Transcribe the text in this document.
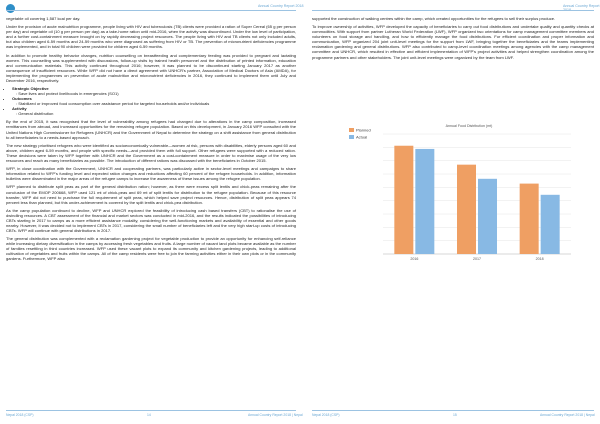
Annual Country Report 2018	Annual Country Report

vegetable oil covering 1,587 kcal per day.

Under the provision of acute malnutrition programme, people living with HIV and tuberculosis (TB) clients were provided a ration of Super Cereal (65 g per person per day) and vegetable oil (10 g per person per day) as a take-home ration until mid-2016, when the activity was discontinued. Under the low level of participation, and a further cost-containment measure brought on by rapidly decreasing project resources. The people living with HIV and TB clients not only included adults, but also children aged 6-59 months and 24-59 months who were diagnosed as suffering from HIV or TB. The prevention of micronutrient deficiencies programme was implemented, and in total 90 children were provided for children aged 6-59 months.

In addition to promote healthy behavior changes, nutrition counselling on breastfeeding and complementary feeding was provided to pregnant and lactating women. This counselling was supplemented with discussions, follow-up visits by trained health personnel and the distribution of printed information, education and communication materials. This activity continued throughout 2016; however, it was planned to be discontinued starting January 2017 as another consequence of insufficient resources. While WFP did not have a direct agreement with UNHCR's partner, Association of Medical Doctors of Asia (AMDA), for implementing the programmes on prevention of acute malnutrition and micronutrient deficiencies in 2016, they continued to implement them until July and December 2016, respectively.

• Strategic Objective
: Save lives and protect livelihoods in emergencies (SO1)
• Outcomes
: Stabilized or improved food consumption over assistance period for targeted households and/or individuals
• Activity
: General distribution

By the end of 2015, it was recognised that the level of vulnerability among refugees had changed due to alterations in the camp composition, increased remittances from abroad, and increased opportunities for the remaining refugee population. Based on this development, in January 2016 WFP consulted with the United Nations High Commissioner for Refugees (UNHCR) and the Government of Nepal to determine the strategy on a shift assistance from general distribution to all beneficiaries to a needs-based approach.

The new strategy prioritised refugees who were identified as socioeconomically vulnerable—women at risk, persons with disabilities, elderly persons aged 60 and above, children aged 6-59 months, and people with specific needs—and provided them with full support. Other refugees were supported with a reduced ration. These decisions were taken by WFP together with UNHCR and the Government as a cost-containment measure in order to maximise usage of the very low resources and reach as many beneficiaries as possible. The introduction of different rations was discussed with the beneficiaries in October 2015.

WFP, in close coordination with the Government, UNHCR and cooperating partners, was particularly active in sector-level meetings and campaigns to share information related to WFP's funding level and expected ration changes and reductions affecting 60 percent of the refugee households. In addition, information bulletins were disseminated in the major areas of the refugee camps to increase the awareness of these issues among the refugee population.

WFP planned to distribute split peas as part of the general distribution ration; however, as there were excess split lentils and chick-peas remaining after the conclusion of the EMOP 200668, WFP used 121 mt of chick-peas and 69 mt of split lentils for distribution to the refugee population. Because of this resource transfer, WFP did not need to purchase the full requirement of split peas, which helped save project resources. Hence, distribution of split peas appears 74 percent less than planned, but this under-achievement is covered by the split lentils and chick-pea distribution.

As the camp population continued to decline, WFP and UNHCR explored the feasibility of introducing cash based transfers (CBT) to rationalise the use of dwindling resources. A CBT assessment of the financial and market sectors was conducted in mid-2016, and the results indicated the possibilities of introducing CBTs starting in 2017 to camps as a more efficient assistance modality, considering the well-functioning markets and availability of essential and other goods nearby. However, it was decided not to implement CBTs in 2017, considering the small number of beneficiaries left and the very high start-up costs of introducing CBTs. WFP will continue with general distributions in 2017.

The general distribution was complemented with a reclamation gardening project for vegetable production to provide an opportunity for enhancing self-reliance while increasing dietary diversification in the camps by accessing fresh vegetables and fruits. A large number of vacant land plots became available as the number of families resettling in third countries increased. WFP used these vacant plots to expand its community and kitchen gardening projects, leading to additional cultivation of vegetables and fruits within the camps. All of the camp residents were free to join the farming activities either in their own plots or in the community gardens. Furthermore, WFP also

supported the construction of walking centres within the camp, which created opportunities for the refugees to sell their surplus produce.

To improve ownership of activities, WFP developed the capacity of beneficiaries to carry out food distributions and undertake quality and quantity checks at commodities. With support from partner Lutheran World Federation (LWF), WFP organized two orientations for camp management committee members and volunteers on food storage and handling, and how to efficiently manage the food distributions. For efficient coordination and proper information and communication, WFP organized 204 joint unit-level meetings for the support from LWF, bringing together the beneficiaries and the teams implementing reclamation gardening and general distributions. WFP also contributed to camp-level coordination meetings among agencies with the camp management committee and UNHCR, which resulted in effective and efficient implementation of WFP's project activities and helped strengthen coordination among the programme partners and other stakeholders. The joint unit-level meetings were organized by the team from LWF.

Annual Food Distribution (mt)
Planned
Actual
2016	2017	2018
Nepal 2018 (CSP)	14	Annual Country Report 2018 | Nepal	Nepal 2018 (CSP)	15	Annual Country Report 2018 | Nepal
